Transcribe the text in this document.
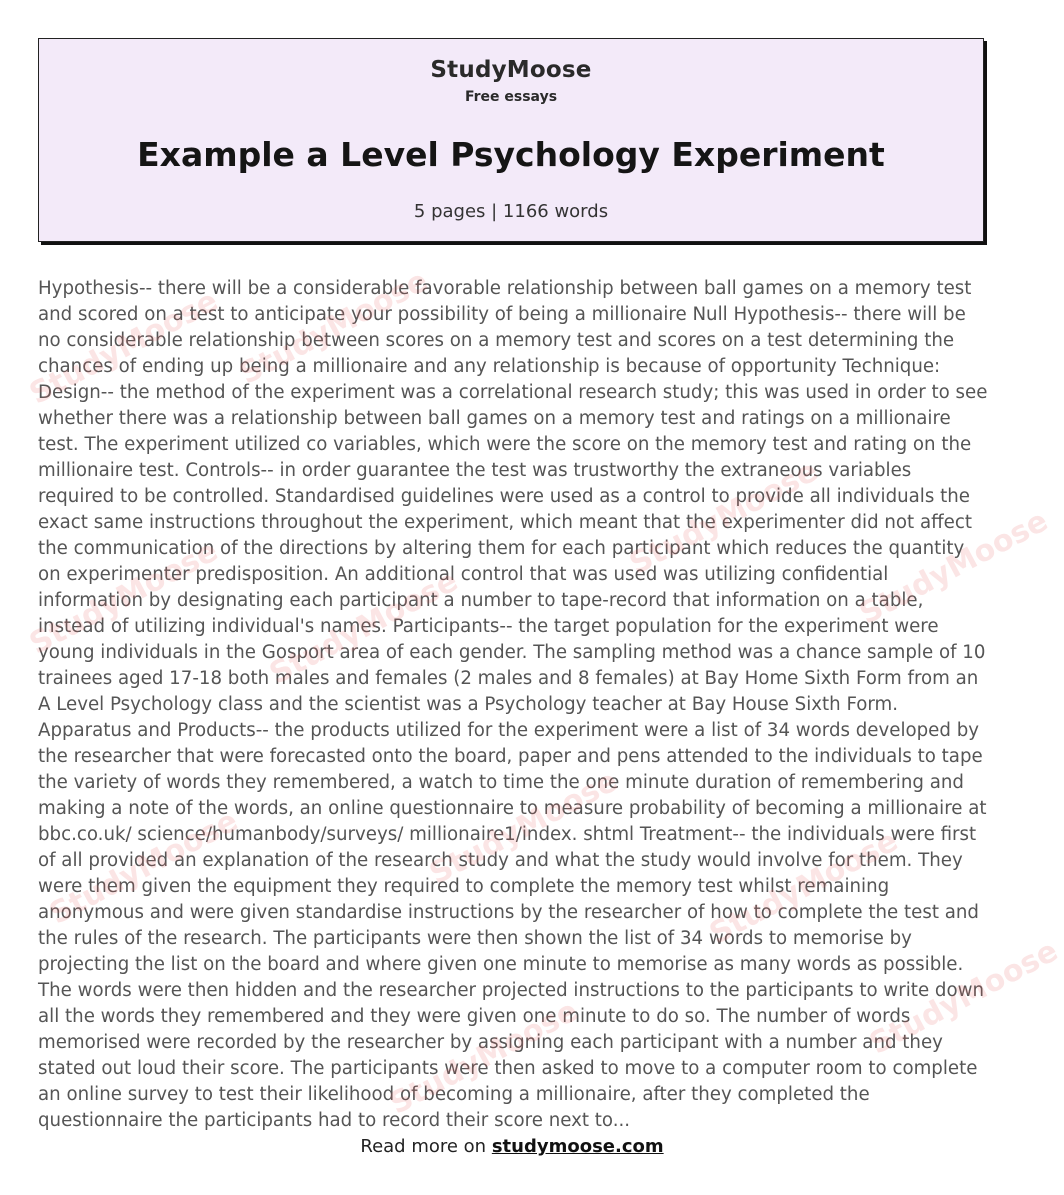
StudyMoose
Free essays
Example a Level Psychology Experiment
5 pages | 1166 words

Hypothesis-- there will be a considerable favorable relationship between ball games on a memory test and scored on a test to anticipate your possibility of being a millionaire Null Hypothesis-- there will be no considerable relationship between scores on a memory test and scores on a test determining the chances of ending up being a millionaire and any relationship is because of opportunity Technique: Design-- the method of the experiment was a correlational research study; this was used in order to see whether there was a relationship between ball games on a memory test and ratings on a millionaire test. The experiment utilized co variables, which were the score on the memory test and rating on the millionaire test. Controls-- in order guarantee the test was trustworthy the extraneous variables required to be controlled. Standardised guidelines were used as a control to provide all individuals the exact same instructions throughout the experiment, which meant that the experimenter did not affect the communication of the directions by altering them for each participant which reduces the quantity on experimenter predisposition. An additional control that was used was utilizing confidential information by designating each participant a number to tape-record that information on a table, instead of utilizing individual's names. Participants-- the target population for the experiment were young individuals in the Gosport area of each gender. The sampling method was a chance sample of 10 trainees aged 17-18 both males and females (2 males and 8 females) at Bay Home Sixth Form from an A Level Psychology class and the scientist was a Psychology teacher at Bay House Sixth Form. Apparatus and Products-- the products utilized for the experiment were a list of 34 words developed by the researcher that were forecasted onto the board, paper and pens attended to the individuals to tape the variety of words they remembered, a watch to time the one minute duration of remembering and making a note of the words, an online questionnaire to measure probability of becoming a millionaire at bbc.co.uk/ science/humanbody/surveys/ millionaire1/index. shtml Treatment-- the individuals were first of all provided an explanation of the research study and what the study would involve for them. They were them given the equipment they required to complete the memory test whilst remaining anonymous and were given standardise instructions by the researcher of how to complete the test and the rules of the research. The participants were then shown the list of 34 words to memorise by projecting the list on the board and where given one minute to memorise as many words as possible. The words were then hidden and the researcher projected instructions to the participants to write down all the words they remembered and they were given one minute to do so. The number of words memorised were recorded by the researcher by assigning each participant with a number and they stated out loud their score. The participants were then asked to move to a computer room to complete an online survey to test their likelihood of becoming a millionaire, after they completed the questionnaire the participants had to record their score next to...

StudyMoose StudyMoose
StudyMoose StudyMoose
StudyMoose StudyMoose
StudyMoose	StudyMoose	StudyMoose
StudyMoose	StudyMoose
Read more on studymoose.com
